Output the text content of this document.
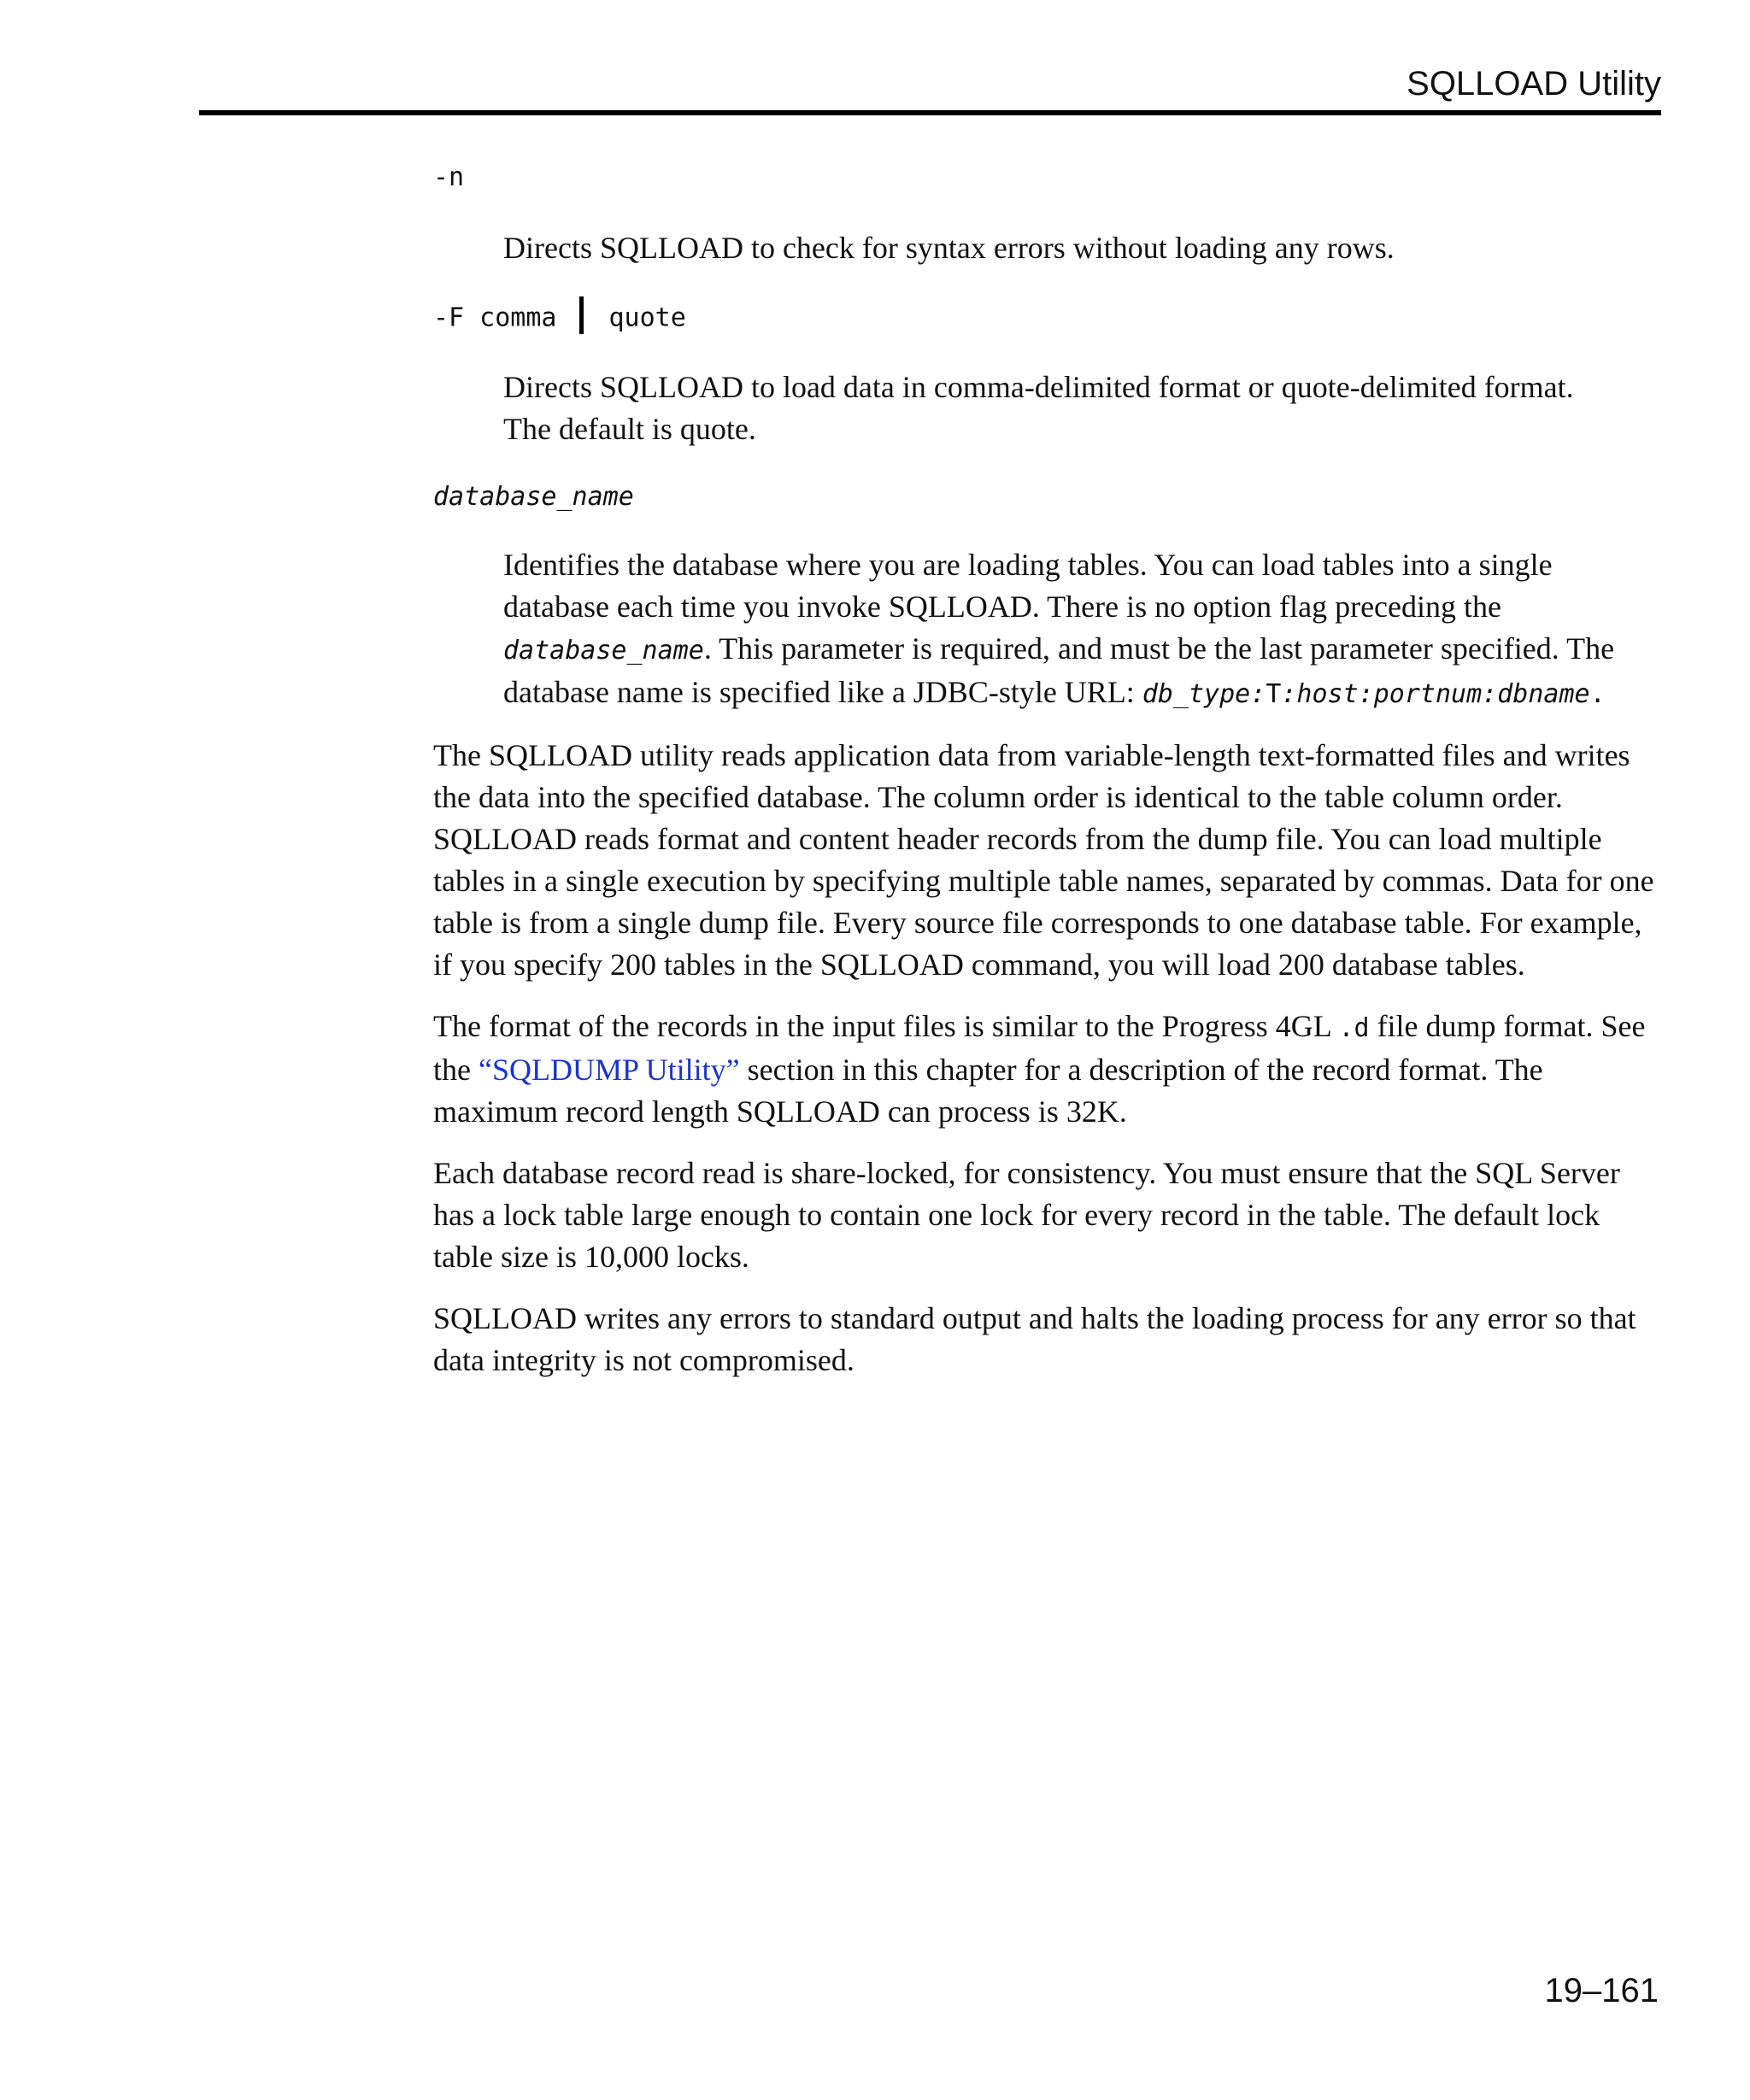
SQLLOAD Utility

-n

Directs SQLLOAD to check for syntax errors without loading any rows.

-F comma quote

Directs SQLLOAD to load data in comma-delimited format or quote-delimited format.
The default is quote.

database_name

Identifies the database where you are loading tables. You can load tables into a single database each time you invoke SQLLOAD. There is no option flag preceding the database_name. This parameter is required, and must be the last parameter specified. The database name is specified like a JDBC-style URL: db_type:T:host:portnum:dbname.

The SQLLOAD utility reads application data from variable-length text-formatted files and writes the data into the specified database. The column order is identical to the table column order. SQLLOAD reads format and content header records from the dump file. You can load multiple tables in a single execution by specifying multiple table names, separated by commas. Data for one table is from a single dump file. Every source file corresponds to one database table. For example, if you specify 200 tables in the SQLLOAD command, you will load 200 database tables.

The format of the records in the input files is similar to the Progress 4GL .d file dump format. See the “SQLDUMP Utility” section in this chapter for a description of the record format. The maximum record length SQLLOAD can process is 32K.

Each database record read is share-locked, for consistency. You must ensure that the SQL Server has a lock table large enough to contain one lock for every record in the table. The default lock table size is 10,000 locks.

SQLLOAD writes any errors to standard output and halts the loading process for any error so that data integrity is not compromised.

19–161
